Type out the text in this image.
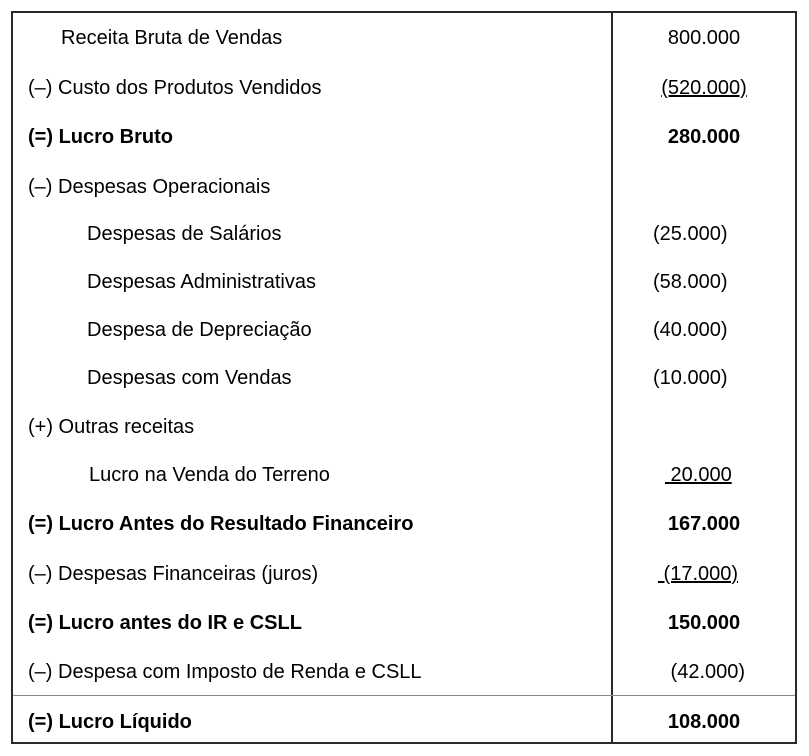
Receita Bruta de Vendas	800.000
(–) Custo dos Produtos Vendidos	(520.000)
(=) Lucro Bruto	280.000
(–) Despesas Operacionais
Despesas de Salários	(25.000)
Despesas Administrativas	(58.000)
Despesa de Depreciação	(40.000)
Despesas com Vendas	(10.000)
(+) Outras receitas
Lucro na Venda do Terreno	20.000
(=) Lucro Antes do Resultado Financeiro	167.000
(–) Despesas Financeiras (juros)	(17.000)
(=) Lucro antes do IR e CSLL	150.000
(–) Despesa com Imposto de Renda e CSLL	(42.000)
(=) Lucro Líquido	108.000
